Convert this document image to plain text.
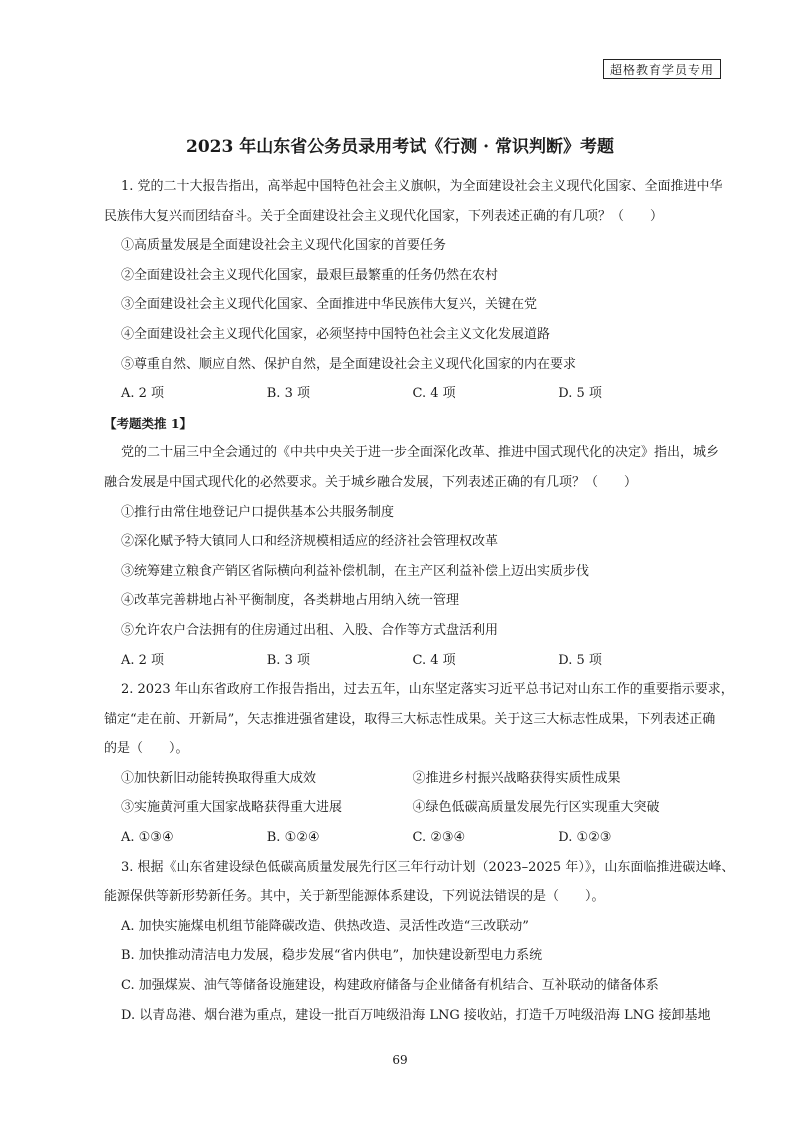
超格教育学员专用
2023 年山东省公务员录用考试《行测 · 常识判断》考题
1. 党的二十大报告指出，高举起中国特色社会主义旗帜，为全面建设社会主义现代化国家、全面推进中华
民族伟大复兴而团结奋斗。关于全面建设社会主义现代化国家，下列表述正确的有几项？（　　）
①高质量发展是全面建设社会主义现代化国家的首要任务
②全面建设社会主义现代化国家，最艰巨最繁重的任务仍然在农村
③全面建设社会主义现代化国家、全面推进中华民族伟大复兴，关键在党
④全面建设社会主义现代化国家，必须坚持中国特色社会主义文化发展道路
⑤尊重自然、顺应自然、保护自然，是全面建设社会主义现代化国家的内在要求
A. 2 项	B. 3 项	C. 4 项	D. 5 项
【考题类推 1】
党的二十届三中全会通过的《中共中央关于进一步全面深化改革、推进中国式现代化的决定》指出，城乡
融合发展是中国式现代化的必然要求。关于城乡融合发展，下列表述正确的有几项？（　　）
①推行由常住地登记户口提供基本公共服务制度
②深化赋予特大镇同人口和经济规模相适应的经济社会管理权改革
③统筹建立粮食产销区省际横向利益补偿机制，在主产区利益补偿上迈出实质步伐
④改革完善耕地占补平衡制度，各类耕地占用纳入统一管理
⑤允许农户合法拥有的住房通过出租、入股、合作等方式盘活利用
A. 2 项	B. 3 项	C. 4 项	D. 5 项
2. 2023 年山东省政府工作报告指出，过去五年，山东坚定落实习近平总书记对山东工作的重要指示要求，
锚定“走在前、开新局”，矢志推进强省建设，取得三大标志性成果。关于这三大标志性成果，下列表述正确
的是（　　）。
①加快新旧动能转换取得重大成效	②推进乡村振兴战略获得实质性成果
③实施黄河重大国家战略获得重大进展	④绿色低碳高质量发展先行区实现重大突破
A. ①③④	B. ①②④	C. ②③④	D. ①②③
3. 根据《山东省建设绿色低碳高质量发展先行区三年行动计划（2023–2025 年）》，山东面临推进碳达峰、
能源保供等新形势新任务。其中，关于新型能源体系建设，下列说法错误的是（　　）。
A. 加快实施煤电机组节能降碳改造、供热改造、灵活性改造“三改联动”
B. 加快推动清洁电力发展，稳步发展“省内供电”，加快建设新型电力系统
C. 加强煤炭、油气等储备设施建设，构建政府储备与企业储备有机结合、互补联动的储备体系
D. 以青岛港、烟台港为重点，建设一批百万吨级沿海 LNG 接收站，打造千万吨级沿海 LNG 接卸基地
69
